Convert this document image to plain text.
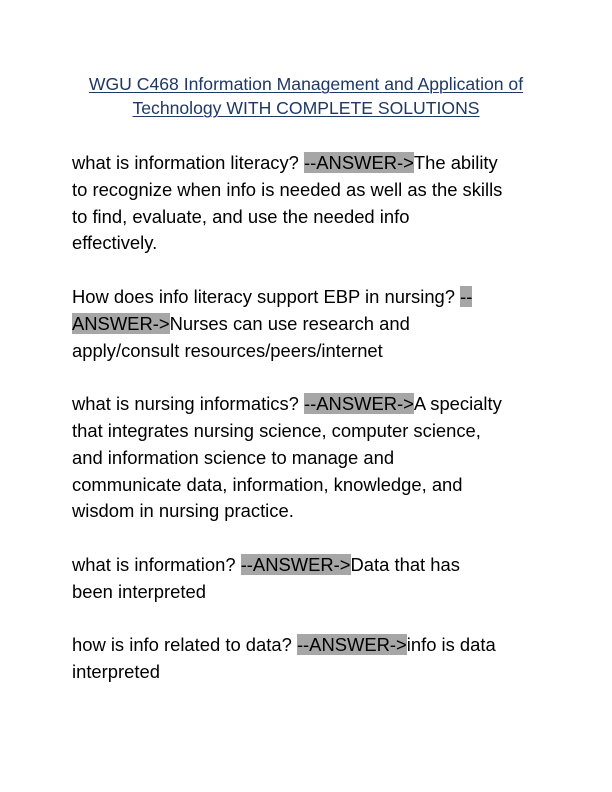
WGU C468 Information Management and Application of
Technology WITH COMPLETE SOLUTIONS
what is information literacy? --ANSWER->The ability
to recognize when info is needed as well as the skills
to find, evaluate, and use the needed info
effectively.
How does info literacy support EBP in nursing? --
ANSWER->Nurses can use research and
apply/consult resources/peers/internet
what is nursing informatics? --ANSWER->A specialty
that integrates nursing science, computer science,
and information science to manage and
communicate data, information, knowledge, and
wisdom in nursing practice.
what is information? --ANSWER->Data that has
been interpreted
how is info related to data? --ANSWER->info is data
interpreted
